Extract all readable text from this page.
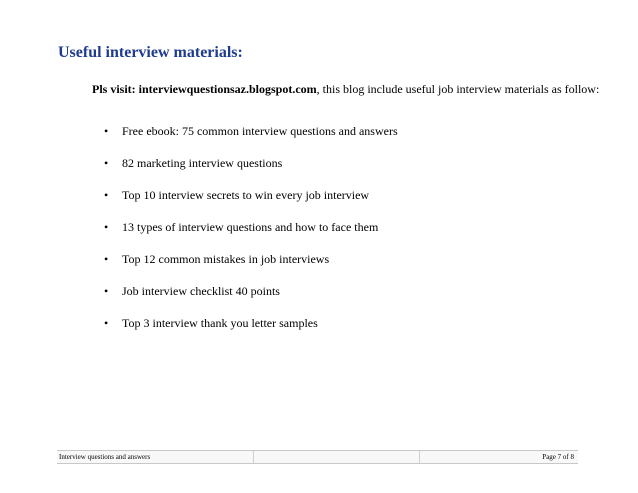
Useful interview materials:
Pls visit: interviewquestionsaz.blogspot.com, this blog include useful job interview materials as follow:
• Free ebook: 75 common interview questions and answers
• 82 marketing interview questions
• Top 10 interview secrets to win every job interview
• 13 types of interview questions and how to face them
• Top 12 common mistakes in job interviews
• Job interview checklist 40 points
• Top 3 interview thank you letter samples
Interview questions and answers	Page 7 of 8
